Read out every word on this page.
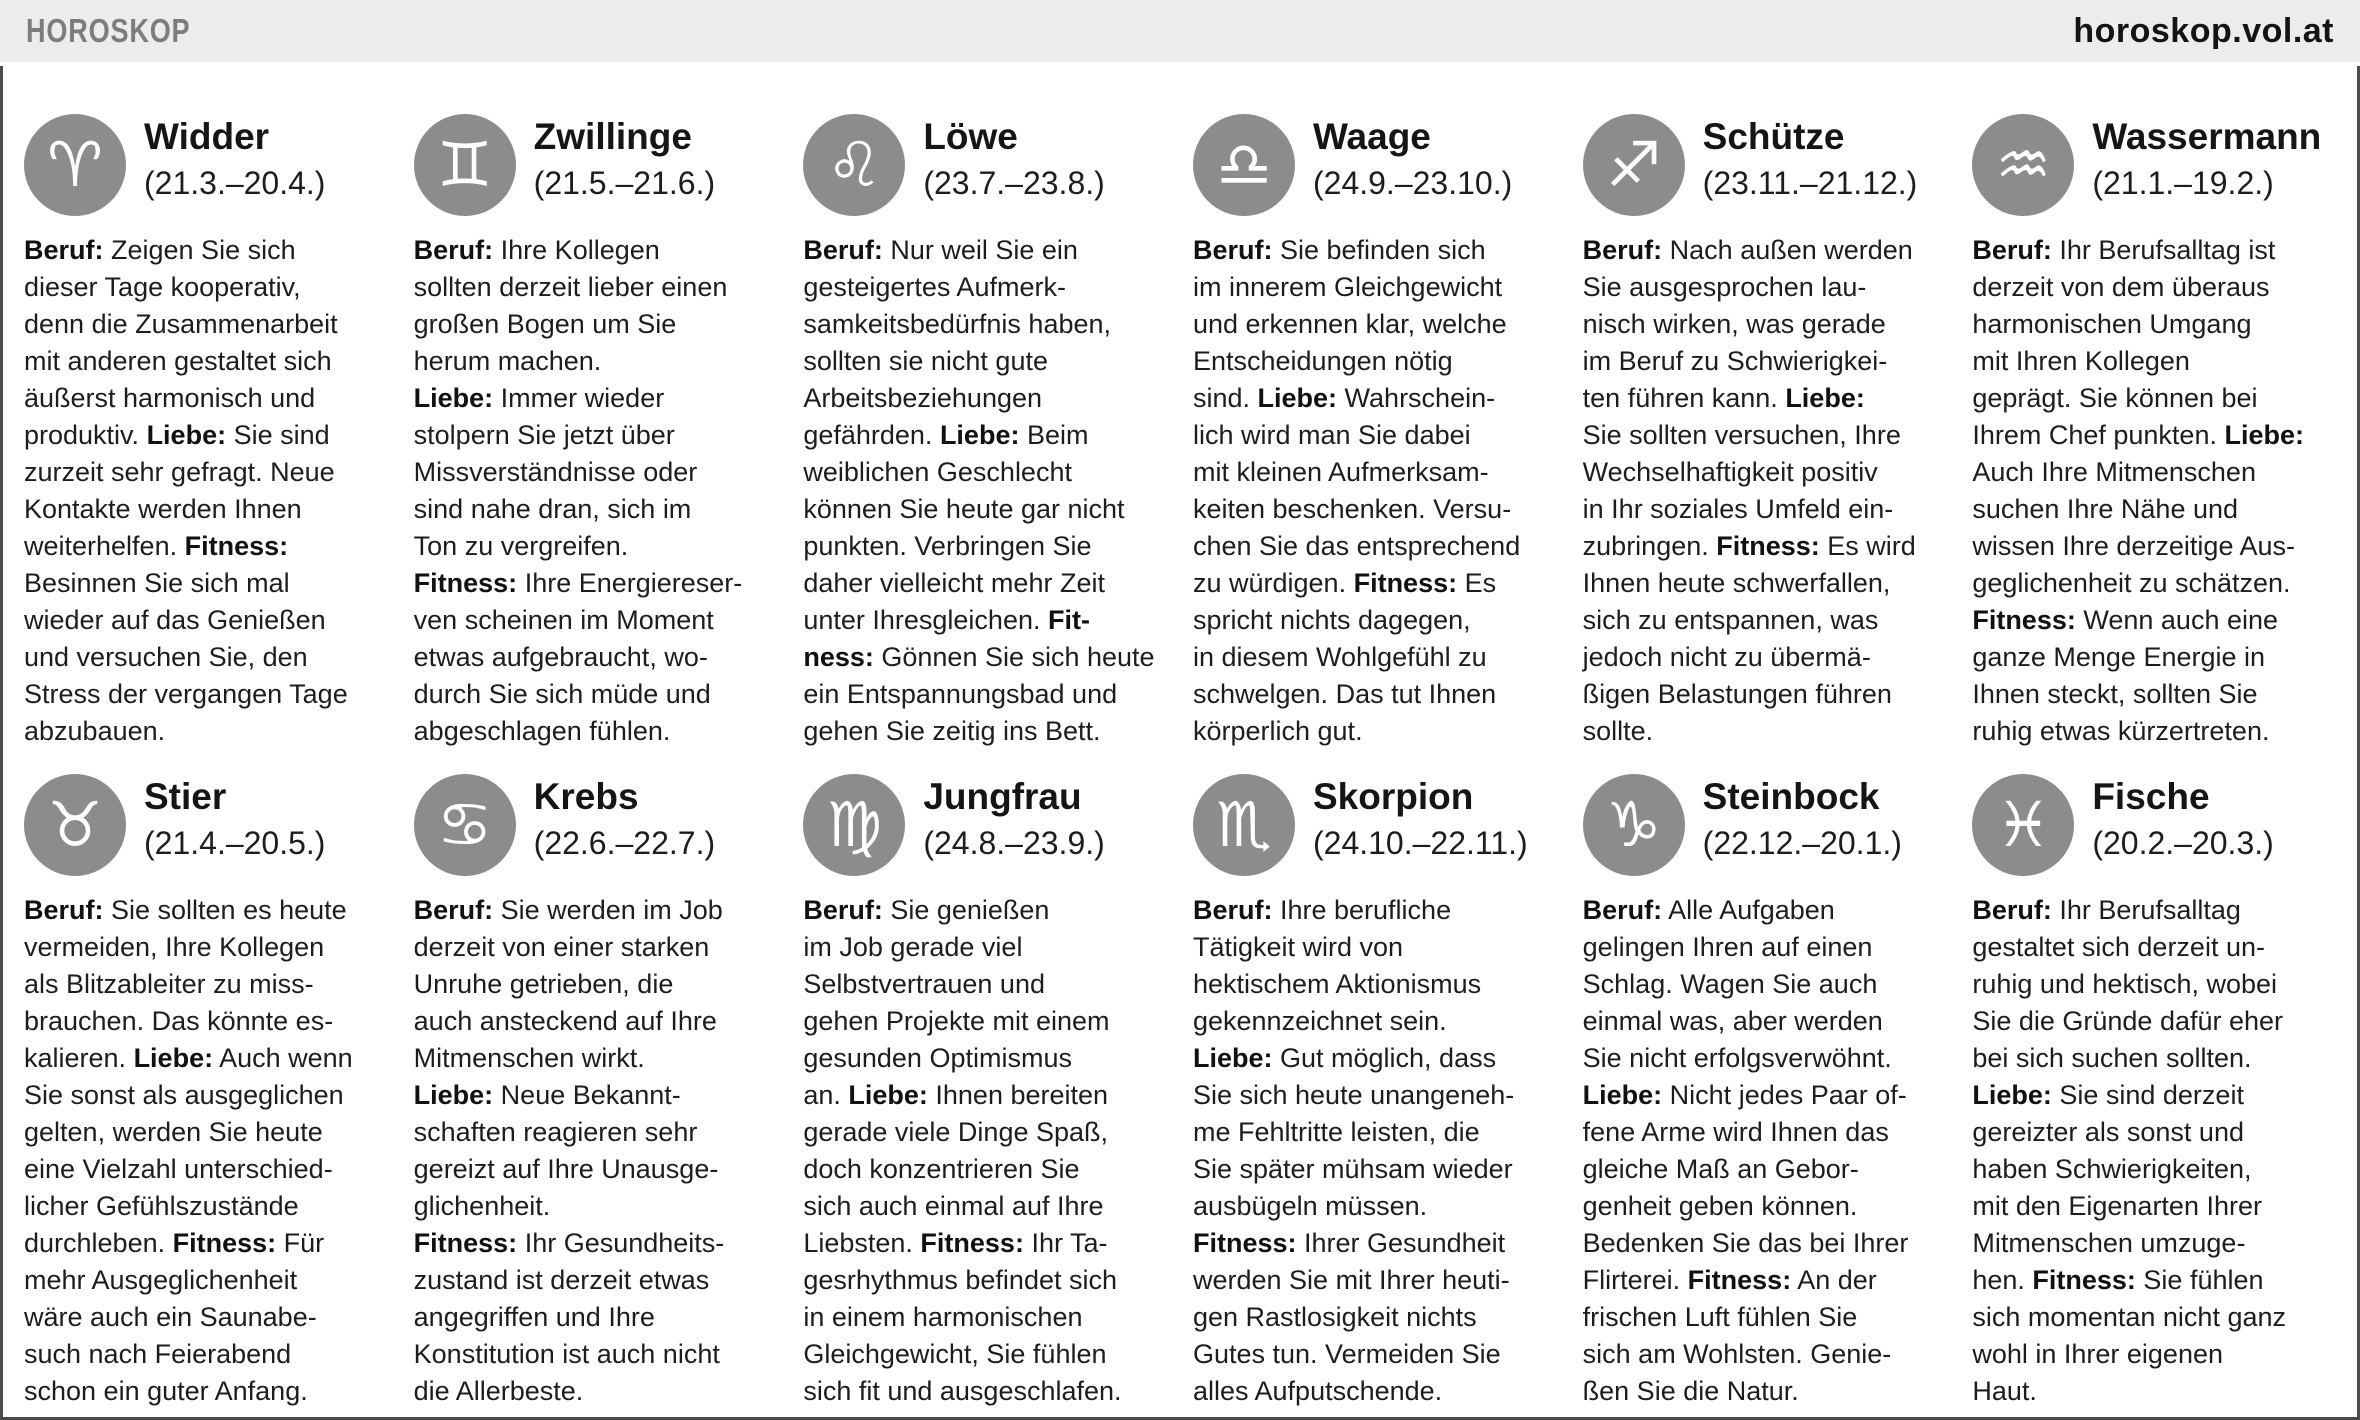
HOROSKOP	horoskop.vol.at
♈ Widder
(21.3.–20.4.)

Beruf: Zeigen Sie sich
dieser Tage kooperativ,
denn die Zusammenarbeit
mit anderen gestaltet sich
äußerst harmonisch und
produktiv. Liebe: Sie sind
zurzeit sehr gefragt. Neue
Kontakte werden Ihnen
weiterhelfen. Fitness:
Besinnen Sie sich mal
wieder auf das Genießen
und versuchen Sie, den
Stress der vergangen Tage
abzubauen.

♊ Zwillinge
(21.5.–21.6.)

Beruf: Ihre Kollegen
sollten derzeit lieber einen
großen Bogen um Sie
herum machen.
Liebe: Immer wieder
stolpern Sie jetzt über
Missverständnisse oder
sind nahe dran, sich im
Ton zu vergreifen.
Fitness: Ihre Energiereser-
ven scheinen im Moment
etwas aufgebraucht, wo-
durch Sie sich müde und
abgeschlagen fühlen.

♌ Löwe
(23.7.–23.8.)

Beruf: Nur weil Sie ein
gesteigertes Aufmerk-
samkeitsbedürfnis haben,
sollten sie nicht gute
Arbeitsbeziehungen
gefährden. Liebe: Beim
weiblichen Geschlecht
können Sie heute gar nicht
punkten. Verbringen Sie
daher vielleicht mehr Zeit
unter Ihresgleichen. Fit-
ness: Gönnen Sie sich heute
ein Entspannungsbad und
gehen Sie zeitig ins Bett.

♎ Waage
(24.9.–23.10.)

Beruf: Sie befinden sich
im innerem Gleichgewicht
und erkennen klar, welche
Entscheidungen nötig
sind. Liebe: Wahrschein-
lich wird man Sie dabei
mit kleinen Aufmerksam-
keiten beschenken. Versu-
chen Sie das entsprechend
zu würdigen. Fitness: Es
spricht nichts dagegen,
in diesem Wohlgefühl zu
schwelgen. Das tut Ihnen
körperlich gut.

♐ Schütze
(23.11.–21.12.)

Beruf: Nach außen werden
Sie ausgesprochen lau-
nisch wirken, was gerade
im Beruf zu Schwierigkei-
ten führen kann. Liebe:
Sie sollten versuchen, Ihre
Wechselhaftigkeit positiv
in Ihr soziales Umfeld ein-
zubringen. Fitness: Es wird
Ihnen heute schwerfallen,
sich zu entspannen, was
jedoch nicht zu übermä-
ßigen Belastungen führen
sollte.

♒ Wassermann
(21.1.–19.2.)

Beruf: Ihr Berufsalltag ist
derzeit von dem überaus
harmonischen Umgang
mit Ihren Kollegen
geprägt. Sie können bei
Ihrem Chef punkten. Liebe:
Auch Ihre Mitmenschen
suchen Ihre Nähe und
wissen Ihre derzeitige Aus-
geglichenheit zu schätzen.
Fitness: Wenn auch eine
ganze Menge Energie in
Ihnen steckt, sollten Sie
ruhig etwas kürzertreten.

♉ Stier
(21.4.–20.5.)

Beruf: Sie sollten es heute
vermeiden, Ihre Kollegen
als Blitzableiter zu miss-
brauchen. Das könnte es-
kalieren. Liebe: Auch wenn
Sie sonst als ausgeglichen
gelten, werden Sie heute
eine Vielzahl unterschied-
licher Gefühlszustände
durchleben. Fitness: Für
mehr Ausgeglichenheit
wäre auch ein Saunabe-
such nach Feierabend
schon ein guter Anfang.

♋ Krebs
(22.6.–22.7.)

Beruf: Sie werden im Job
derzeit von einer starken
Unruhe getrieben, die
auch ansteckend auf Ihre
Mitmenschen wirkt.
Liebe: Neue Bekannt-
schaften reagieren sehr
gereizt auf Ihre Unausge-
glichenheit.
Fitness: Ihr Gesundheits-
zustand ist derzeit etwas
angegriffen und Ihre
Konstitution ist auch nicht
die Allerbeste.

♍ Jungfrau
(24.8.–23.9.)

Beruf: Sie genießen
im Job gerade viel
Selbstvertrauen und
gehen Projekte mit einem
gesunden Optimismus
an. Liebe: Ihnen bereiten
gerade viele Dinge Spaß,
doch konzentrieren Sie
sich auch einmal auf Ihre
Liebsten. Fitness: Ihr Ta-
gesrhythmus befindet sich
in einem harmonischen
Gleichgewicht, Sie fühlen
sich fit und ausgeschlafen.

♏ Skorpion
(24.10.–22.11.)

Beruf: Ihre berufliche
Tätigkeit wird von
hektischem Aktionismus
gekennzeichnet sein.
Liebe: Gut möglich, dass
Sie sich heute unangeneh-
me Fehltritte leisten, die
Sie später mühsam wieder
ausbügeln müssen.
Fitness: Ihrer Gesundheit
werden Sie mit Ihrer heuti-
gen Rastlosigkeit nichts
Gutes tun. Vermeiden Sie
alles Aufputschende.

♑ Steinbock
(22.12.–20.1.)

Beruf: Alle Aufgaben
gelingen Ihren auf einen
Schlag. Wagen Sie auch
einmal was, aber werden
Sie nicht erfolgsverwöhnt.
Liebe: Nicht jedes Paar of-
fene Arme wird Ihnen das
gleiche Maß an Gebor-
genheit geben können.
Bedenken Sie das bei Ihrer
Flirterei. Fitness: An der
frischen Luft fühlen Sie
sich am Wohlsten. Genie-
ßen Sie die Natur.

♓ Fische
(20.2.–20.3.)

Beruf: Ihr Berufsalltag
gestaltet sich derzeit un-
ruhig und hektisch, wobei
Sie die Gründe dafür eher
bei sich suchen sollten.
Liebe: Sie sind derzeit
gereizter als sonst und
haben Schwierigkeiten,
mit den Eigenarten Ihrer
Mitmenschen umzuge-
hen. Fitness: Sie fühlen
sich momentan nicht ganz
wohl in Ihrer eigenen
Haut.
